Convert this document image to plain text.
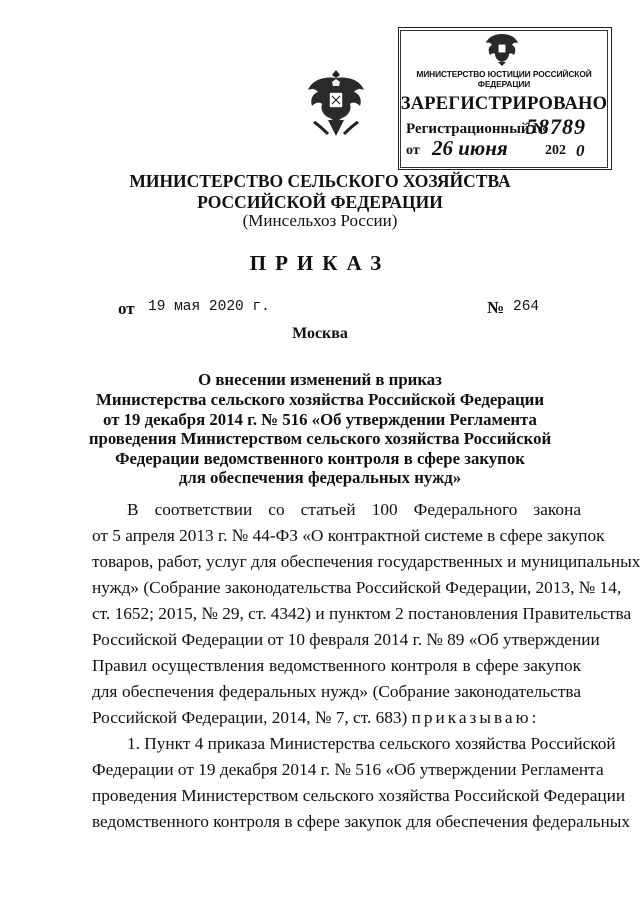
МИНИСТЕРСТВО ЮСТИЦИИ РОССИЙСКОЙ ФЕДЕРАЦИИ
ЗАРЕГИСТРИРОВАНО
Регистрационный №
58789
от 26 июня	202 0
МИНИСТЕРСТВО СЕЛЬСКОГО ХОЗЯЙСТВА
РОССИЙСКОЙ ФЕДЕРАЦИИ
(Минсельхоз России)
ПРИКАЗ
от 19 мая 2020 г.	№ 264
Москва
О внесении изменений в приказ
Министерства сельского хозяйства Российской Федерации
от 19 декабря 2014 г. № 516 «Об утверждении Регламента
проведения Министерством сельского хозяйства Российской
Федерации ведомственного контроля в сфере закупок
для обеспечения федеральных нужд»
В соответствии со статьей 100 Федерального закона
от 5 апреля 2013 г. № 44-ФЗ «О контрактной системе в сфере закупок
товаров, работ, услуг для обеспечения государственных и муниципальных
нужд» (Собрание законодательства Российской Федерации, 2013, № 14,
ст. 1652; 2015, № 29, ст. 4342) и пунктом 2 постановления Правительства
Российской Федерации от 10 февраля 2014 г. № 89 «Об утверждении
Правил осуществления ведомственного контроля в сфере закупок
для обеспечения федеральных нужд» (Собрание законодательства
Российской Федерации, 2014, № 7, ст. 683) приказываю:
1. Пункт 4 приказа Министерства сельского хозяйства Российской
Федерации от 19 декабря 2014 г. № 516 «Об утверждении Регламента
проведения Министерством сельского хозяйства Российской Федерации
ведомственного контроля в сфере закупок для обеспечения федеральных
